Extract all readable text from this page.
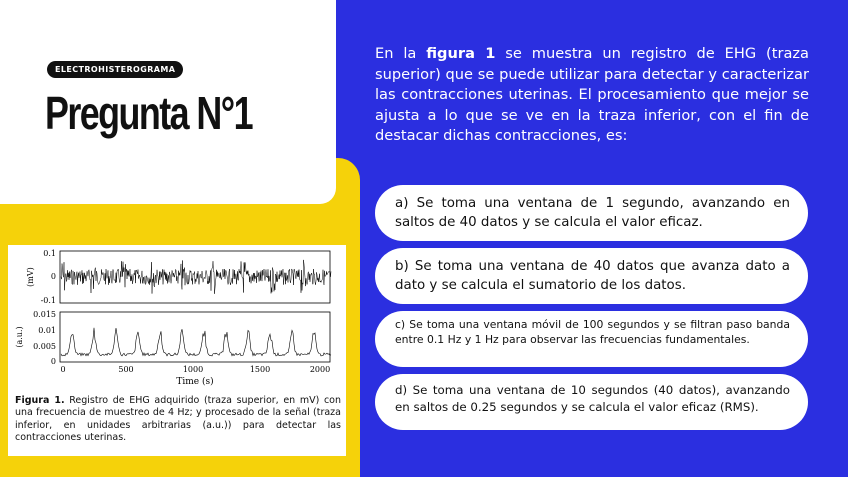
ELECTROHISTEROGRAMA
Pregunta N°1
0.1
0
-0.1
(mV)
0.015
0.01
0.005
0
(a.u.)
0	500	1000	1500	2000
Time (s)
Figura 1. Registro de EHG adquirido (traza superior, en mV) con una frecuencia de muestreo de 4 Hz; y procesado de la señal (traza inferior, en unidades arbitrarias (a.u.)) para detectar las contracciones uterinas.
En la figura 1 se muestra un registro de EHG (traza superior) que se puede utilizar para detectar y caracterizar las contracciones uterinas. El procesamiento que mejor se ajusta a lo que se ve en la traza inferior, con el fin de destacar dichas contracciones, es:
a) Se toma una ventana de 1 segundo, avanzando en saltos de 40 datos y se calcula el valor eficaz.
b) Se toma una ventana de 40 datos que avanza dato a dato y se calcula el sumatorio de los datos.
c) Se toma una ventana móvil de 100 segundos y se filtran paso banda entre 0.1 Hz y 1 Hz para observar las frecuencias fundamentales.
d) Se toma una ventana de 10 segundos (40 datos), avanzando en saltos de 0.25 segundos y se calcula el valor eficaz (RMS).
